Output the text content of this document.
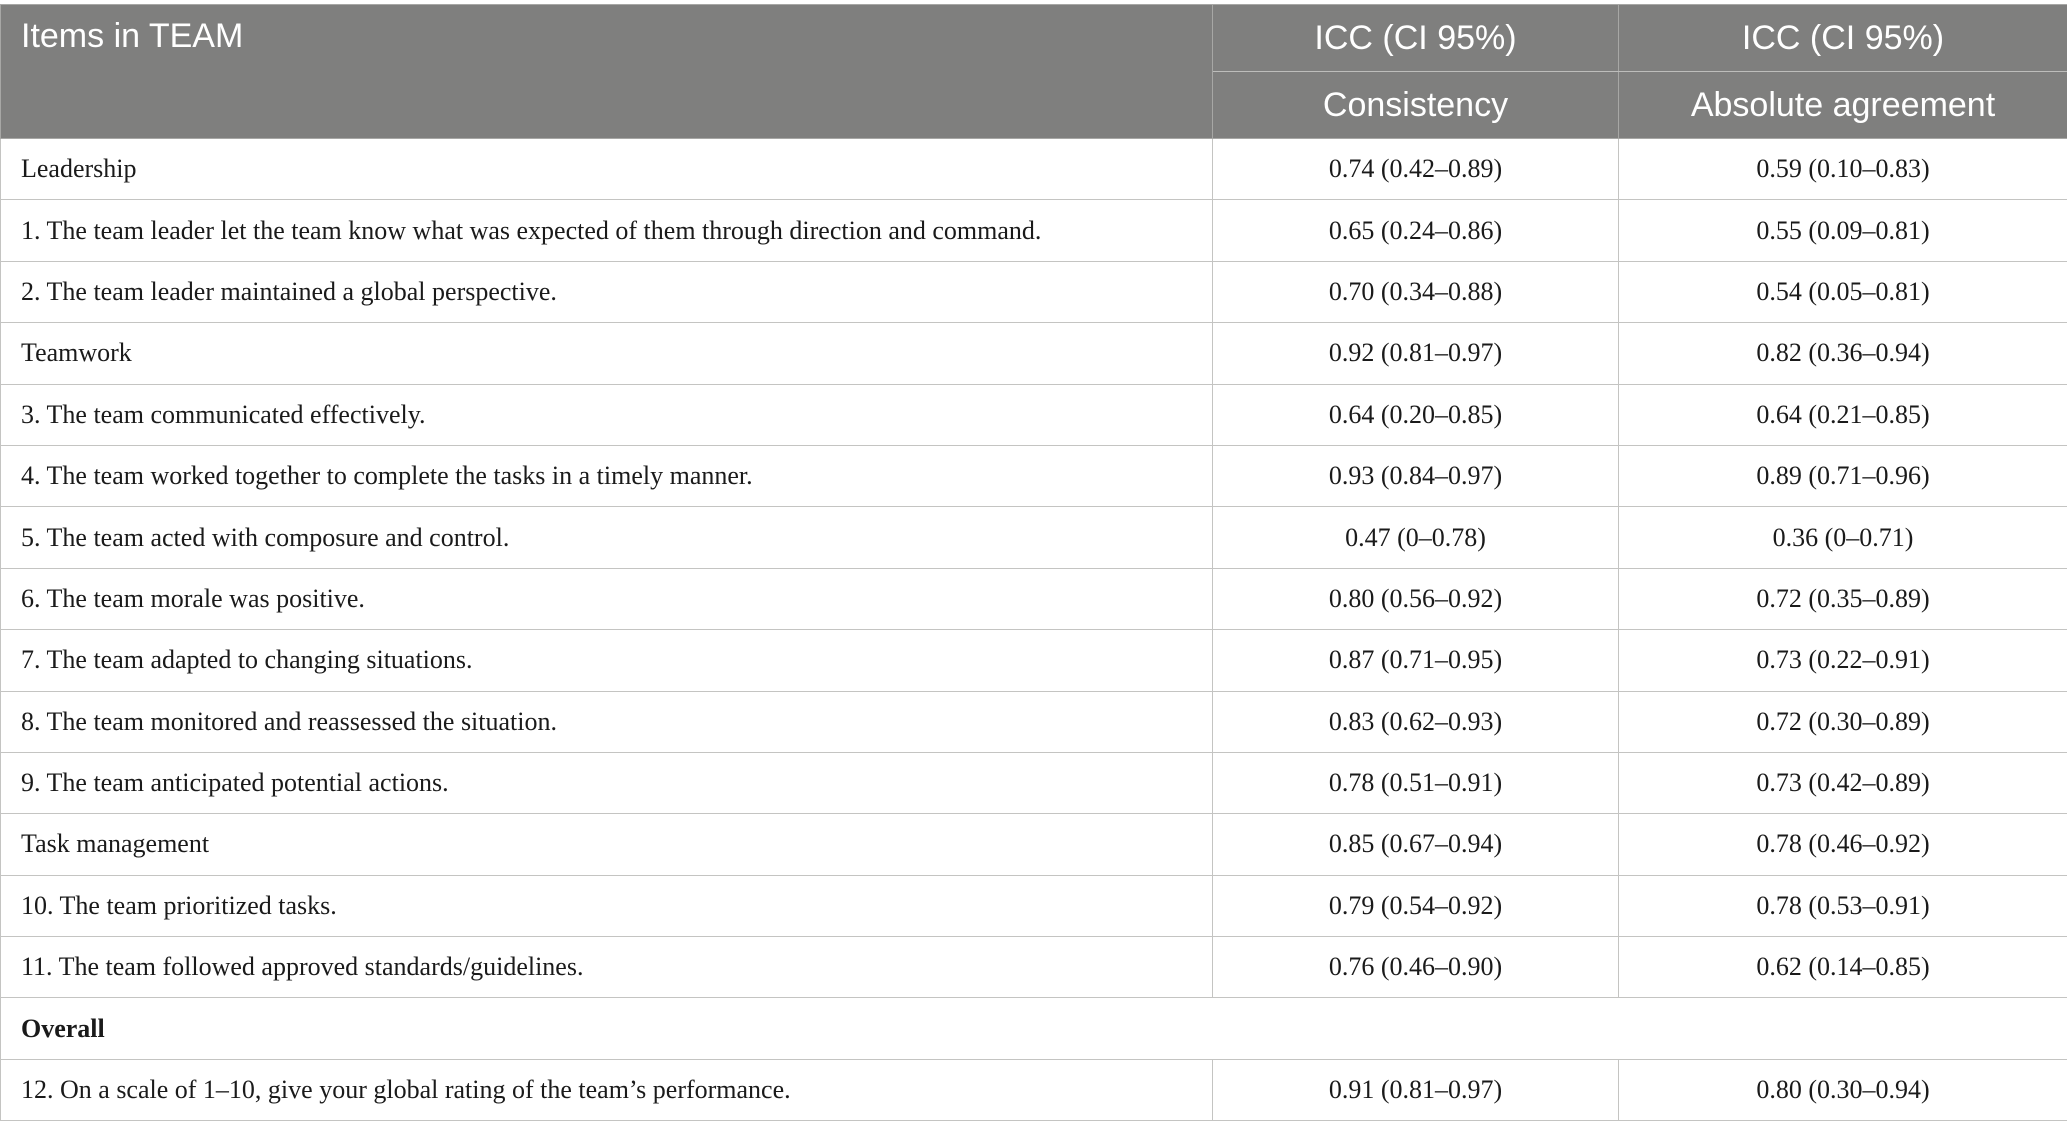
Items in TEAM	ICC (CI 95%)	ICC (CI 95%)
	Consistency	Absolute agreement
Leadership	0.74 (0.42–0.89)	0.59 (0.10–0.83)
1. The team leader let the team know what was expected of them through direction and command.	0.65 (0.24–0.86)	0.55 (0.09–0.81)
2. The team leader maintained a global perspective.	0.70 (0.34–0.88)	0.54 (0.05–0.81)
Teamwork	0.92 (0.81–0.97)	0.82 (0.36–0.94)
3. The team communicated effectively.	0.64 (0.20–0.85)	0.64 (0.21–0.85)
4. The team worked together to complete the tasks in a timely manner.	0.93 (0.84–0.97)	0.89 (0.71–0.96)
5. The team acted with composure and control.	0.47 (0–0.78)	0.36 (0–0.71)
6. The team morale was positive.	0.80 (0.56–0.92)	0.72 (0.35–0.89)
7. The team adapted to changing situations.	0.87 (0.71–0.95)	0.73 (0.22–0.91)
8. The team monitored and reassessed the situation.	0.83 (0.62–0.93)	0.72 (0.30–0.89)
9. The team anticipated potential actions.	0.78 (0.51–0.91)	0.73 (0.42–0.89)
Task management	0.85 (0.67–0.94)	0.78 (0.46–0.92)
10. The team prioritized tasks.	0.79 (0.54–0.92)	0.78 (0.53–0.91)
11. The team followed approved standards/guidelines.	0.76 (0.46–0.90)	0.62 (0.14–0.85)
Overall		
12. On a scale of 1–10, give your global rating of the team’s performance.	0.91 (0.81–0.97)	0.80 (0.30–0.94)
